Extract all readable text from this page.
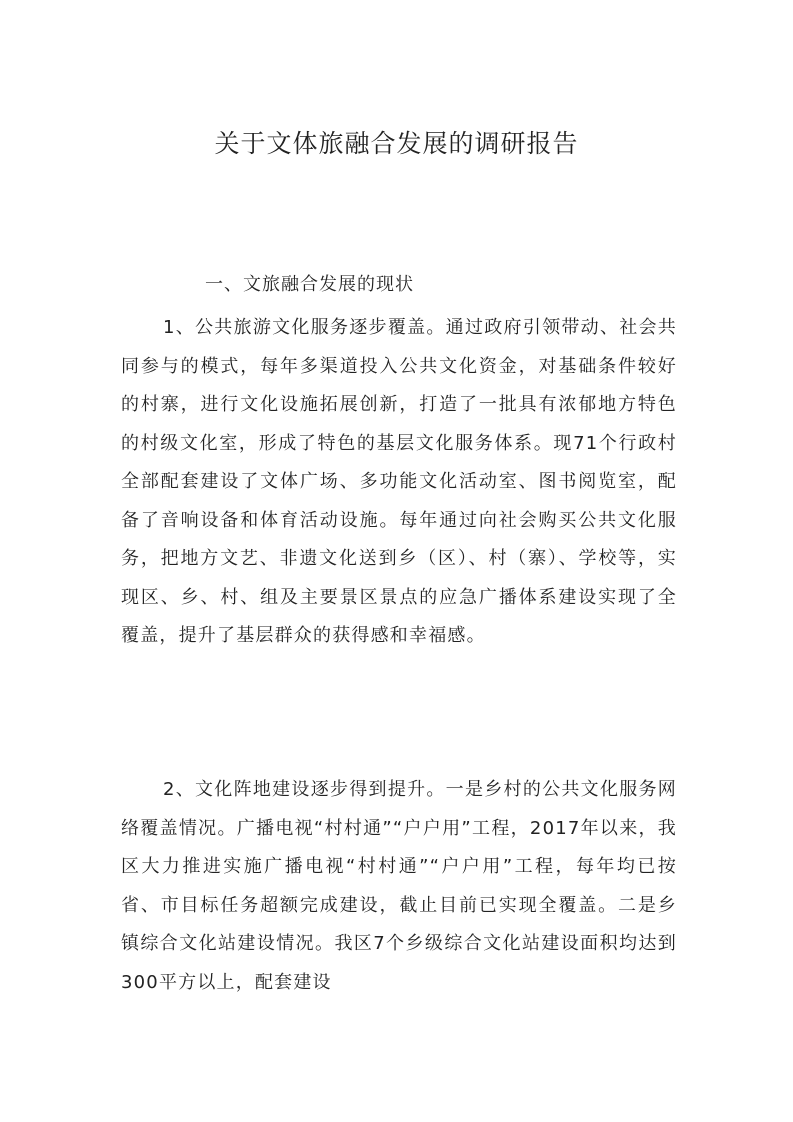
关于文体旅融合发展的调研报告
一、文旅融合发展的现状
1、公共旅游文化服务逐步覆盖。通过政府引领带动、社会共同参与的模式，每年多渠道投入公共文化资金，对基础条件较好的村寨，进行文化设施拓展创新，打造了一批具有浓郁地方特色的村级文化室，形成了特色的基层文化服务体系。现71个行政村全部配套建设了文体广场、多功能文化活动室、图书阅览室，配备了音响设备和体育活动设施。每年通过向社会购买公共文化服务，把地方文艺、非遗文化送到乡（区）、村（寨）、学校等，实现区、乡、村、组及主要景区景点的应急广播体系建设实现了全覆盖，提升了基层群众的获得感和幸福感。
2、文化阵地建设逐步得到提升。一是乡村的公共文化服务网络覆盖情况。广播电视“村村通”“户户用”工程，2017年以来，我区大力推进实施广播电视“村村通”“户户用”工程，每年均已按省、市目标任务超额完成建设，截止目前已实现全覆盖。二是乡镇综合文化站建设情况。我区7个乡级综合文化站建设面积均达到300平方以上，配套建设
